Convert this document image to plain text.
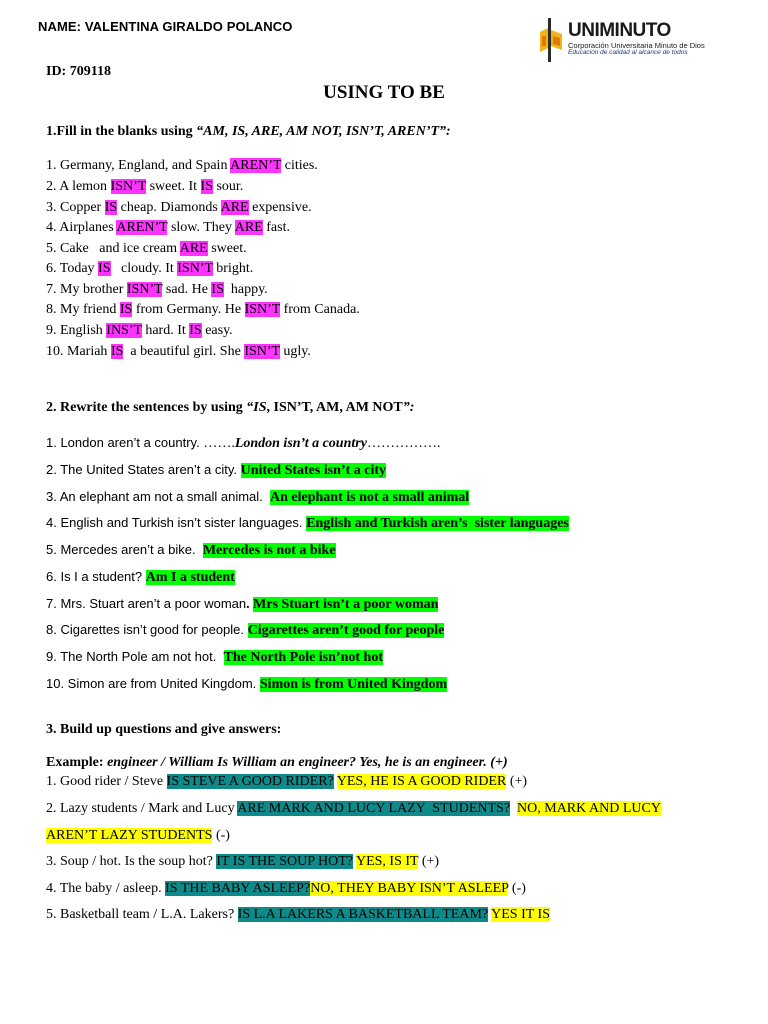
NAME: VALENTINA GIRALDO POLANCO	UNIMINUTO
Corporación Universitaria Minuto de Dios
Educación de calidad al alcance de todos
ID: 709118
USING TO BE
1.Fill in the blanks using “AM, IS, ARE, AM NOT, ISN’T, AREN’T”:
1. Germany, England, and Spain AREN’T cities.
2. A lemon ISN’T sweet. It IS sour.
3. Copper IS cheap. Diamonds ARE expensive.
4. Airplanes AREN’T slow. They ARE fast.
5. Cake   and ice cream ARE sweet.
6. Today IS   cloudy. It ISN’T bright.
7. My brother ISN’T sad. He IS  happy.
8. My friend IS from Germany. He ISN’T from Canada.
9. English INS’T hard. It IS easy.
10. Mariah IS  a beautiful girl. She ISN’T ugly.
2. Rewrite the sentences by using “IS, ISN’T, AM, AM NOT”:
1. London aren’t a country. …….London isn’t a country…………….
2. The United States aren’t a city. United States isn’t a city
3. An elephant am not a small animal.  An elephant is not a small animal
4. English and Turkish isn’t sister languages. English and Turkish aren’s  sister languages
5. Mercedes aren’t a bike.  Mercedes is not a bike
6. Is I a student? Am I a student
7. Mrs. Stuart aren’t a poor woman. Mrs Stuart isn’t a poor woman
8. Cigarettes isn’t good for people. Cigarettes aren’t good for people
9. The North Pole am not hot.  The North Pole isn’not hot
10. Simon are from United Kingdom. Simon is from United Kingdom
3. Build up questions and give answers:
Example: engineer / William Is William an engineer? Yes, he is an engineer. (+)
1. Good rider / Steve IS STEVE A GOOD RIDER? YES, HE IS A GOOD RIDER (+)
2. Lazy students / Mark and Lucy ARE MARK AND LUCY LAZY  STUDENTS? NO, MARK AND LUCY
AREN’T LAZY STUDENTS (-)
3. Soup / hot. Is the soup hot? IT IS THE SOUP HOT? YES, IS IT (+)
4. The baby / asleep. IS THE BABY ASLEEP?NO, THEY BABY ISN’T ASLEEP (-)
5. Basketball team / L.A. Lakers? IS L.A LAKERS A BASKETBALL TEAM? YES IT IS
